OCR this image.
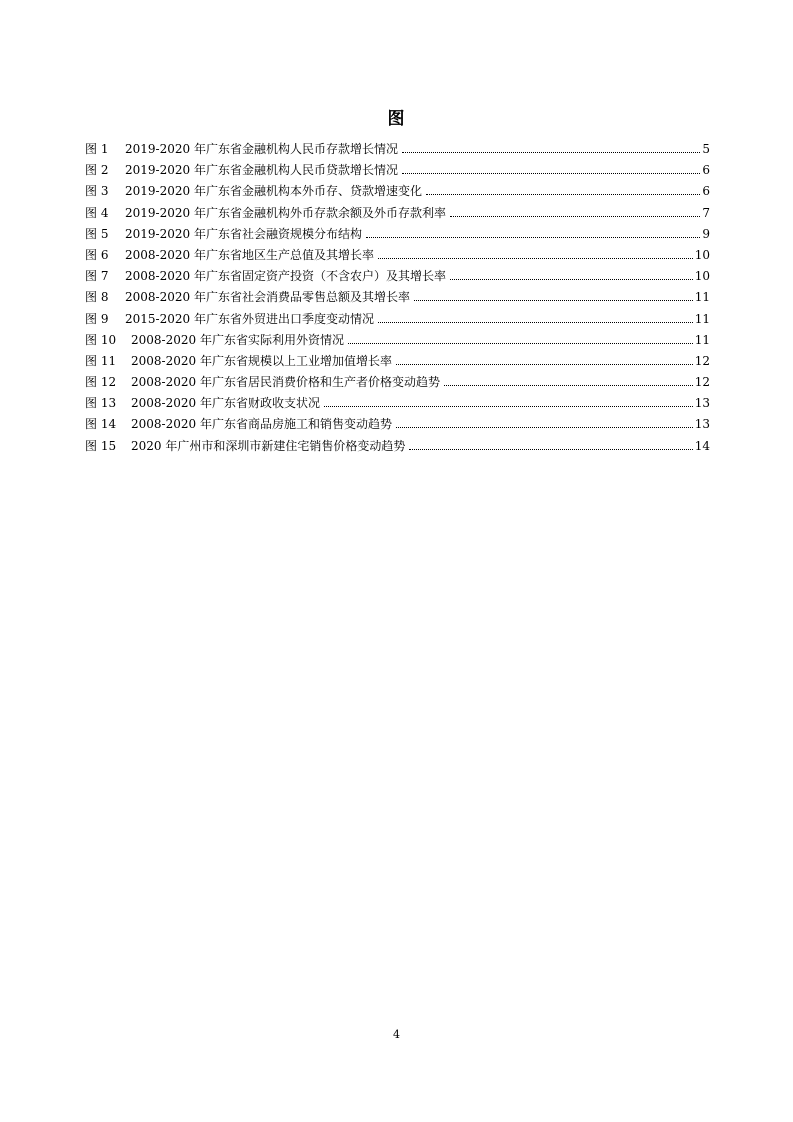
图
图 1	2019-2020 年广东省金融机构人民币存款增长情况	5
图 2	2019-2020 年广东省金融机构人民币贷款增长情况	6
图 3	2019-2020 年广东省金融机构本外币存、贷款增速变化	6
图 4	2019-2020 年广东省金融机构外币存款余额及外币存款利率	7
图 5	2019-2020 年广东省社会融资规模分布结构	9
图 6	2008-2020 年广东省地区生产总值及其增长率	10
图 7	2008-2020 年广东省固定资产投资（不含农户）及其增长率	10
图 8	2008-2020 年广东省社会消费品零售总额及其增长率	11
图 9	2015-2020 年广东省外贸进出口季度变动情况	11
图 10	2008-2020 年广东省实际利用外资情况	11
图 11	2008-2020 年广东省规模以上工业增加值增长率	12
图 12	2008-2020 年广东省居民消费价格和生产者价格变动趋势	12
图 13	2008-2020 年广东省财政收支状况	13
图 14	2008-2020 年广东省商品房施工和销售变动趋势	13
图 15	2020 年广州市和深圳市新建住宅销售价格变动趋势	14
4
